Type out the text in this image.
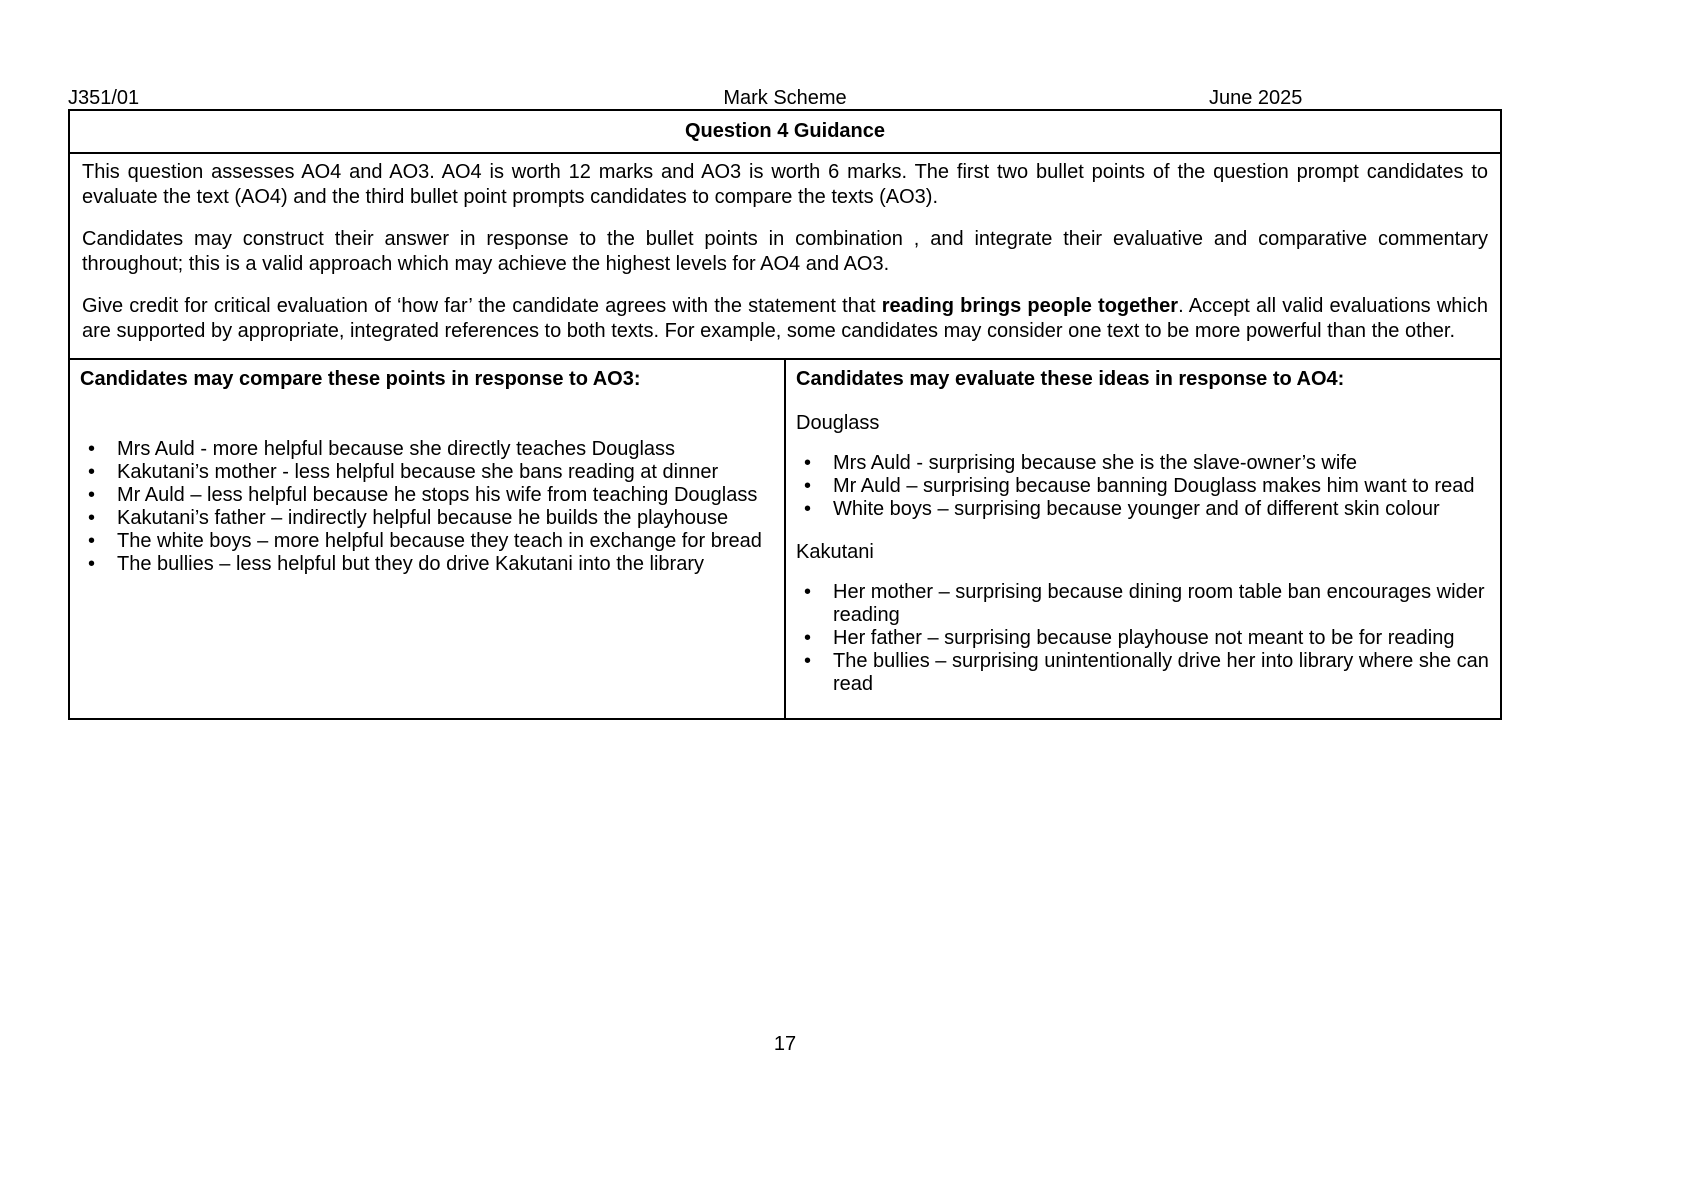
J351/01	Mark Scheme	June 2025
Question 4 Guidance

This question assesses AO4 and AO3. AO4 is worth 12 marks and AO3 is worth 6 marks. The first two bullet points of the question prompt candidates to evaluate the text (AO4) and the third bullet point prompts candidates to compare the texts (AO3).

Candidates may construct their answer in response to the bullet points in combination , and integrate their evaluative and comparative commentary throughout; this is a valid approach which may achieve the highest levels for AO4 and AO3.

Give credit for critical evaluation of ‘how far’ the candidate agrees with the statement that reading brings people together. Accept all valid evaluations which are supported by appropriate, integrated references to both texts. For example, some candidates may consider one text to be more powerful than the other.

Candidates may compare these points in response to AO3:

• Mrs Auld - more helpful because she directly teaches Douglass
• Kakutani’s mother - less helpful because she bans reading at dinner
• Mr Auld – less helpful because he stops his wife from teaching Douglass
• Kakutani’s father – indirectly helpful because he builds the playhouse
• The white boys – more helpful because they teach in exchange for bread
• The bullies – less helpful but they do drive Kakutani into the library

Candidates may evaluate these ideas in response to AO4:

Douglass

• Mrs Auld - surprising because she is the slave-owner’s wife
• Mr Auld – surprising because banning Douglass makes him want to read
• White boys – surprising because younger and of different skin colour

Kakutani

• Her mother – surprising because dining room table ban encourages wider reading
• Her father – surprising because playhouse not meant to be for reading
• The bullies – surprising unintentionally drive her into library where she can read
17
